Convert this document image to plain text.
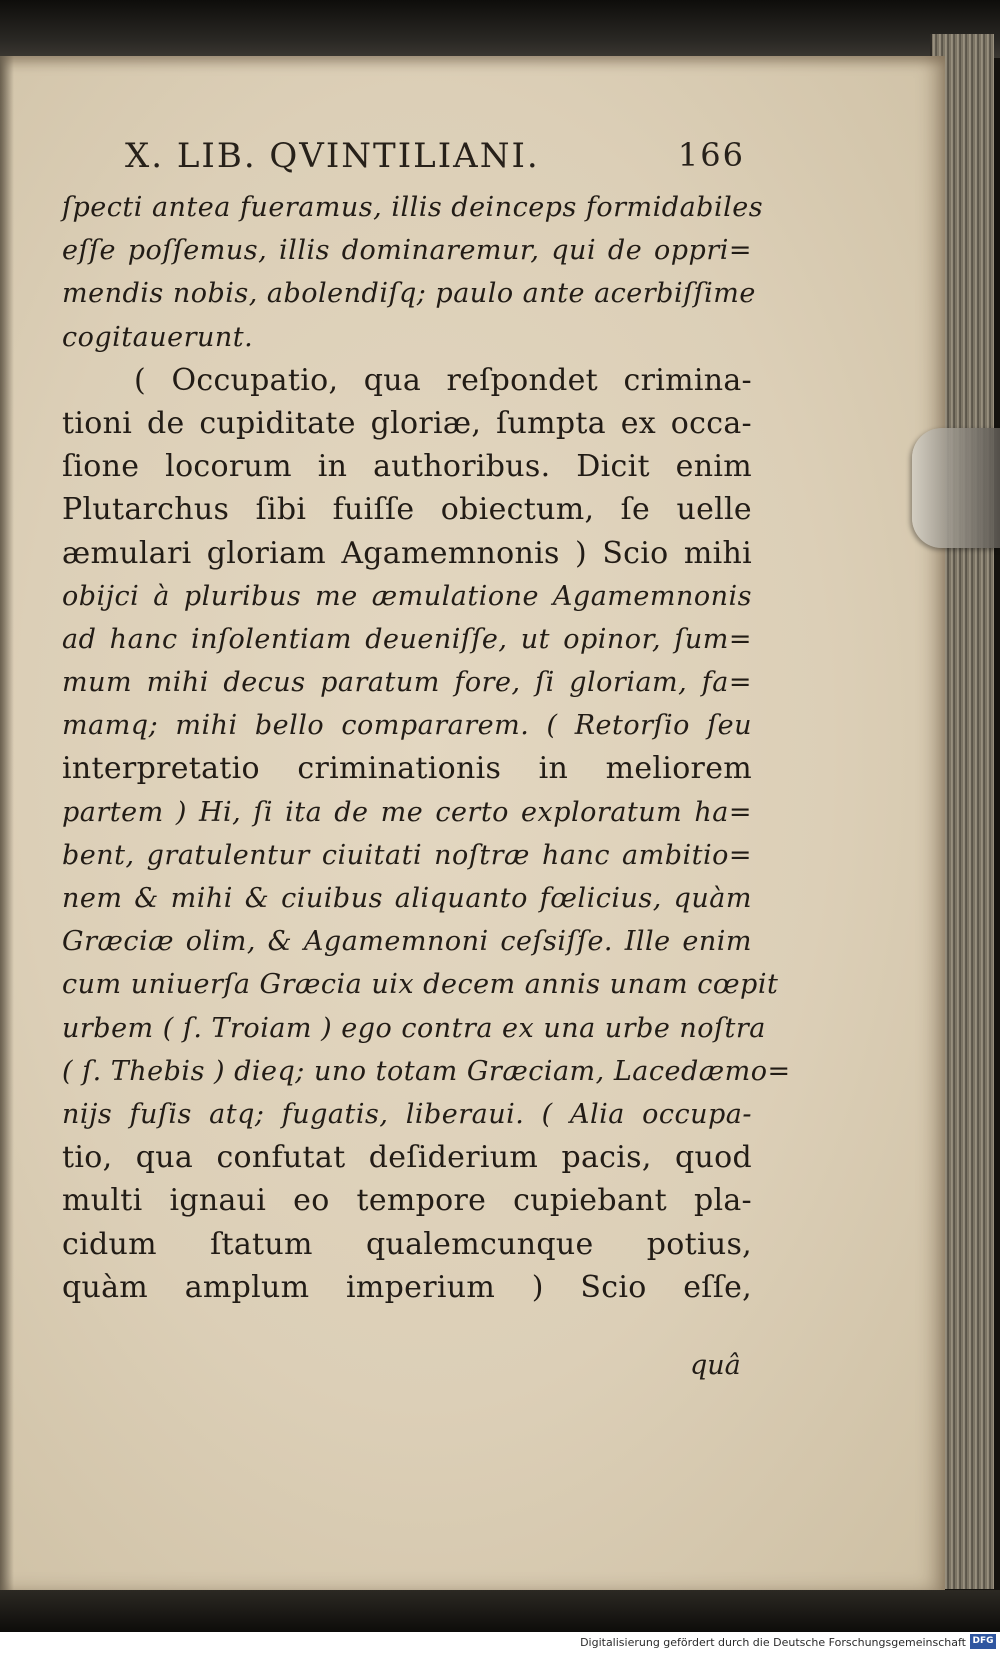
X. LIB. QVINTILIANI.	166
ſpecti antea fueramus, illis deinceps formidabiles
eſſe poſſemus, illis dominaremur, qui de oppri=
mendis nobis, abolendiſq; paulo ante acerbiſſime
cogitauerunt.
( Occupatio, qua reſpondet crimina-
tioni de cupiditate gloriæ, ſumpta ex occa-
ſione locorum in authoribus. Dicit enim
Plutarchus ſibi fuiſſe obiectum, ſe uelle
æmulari gloriam Agamemnonis ) Scio mihi
obijci à pluribus me æmulatione Agamemnonis
ad hanc inſolentiam deueniſſe, ut opinor, ſum=
mum mihi decus paratum fore, ſi gloriam, fa=
mamq; mihi bello compararem. ( Retorſio ſeu
interpretatio criminationis in meliorem
partem ) Hi, ſi ita de me certo exploratum ha=
bent, gratulentur ciuitati noſtræ hanc ambitio=
nem & mihi & ciuibus aliquanto fœlicius, quàm
Græciæ olim, & Agamemnoni ceſsiſſe. Ille enim
cum uniuerſa Græcia uix decem annis unam cœpit
urbem ( ſ. Troiam ) ego contra ex una urbe noſtra
( ſ. Thebis ) dieq; uno totam Græciam, Lacedæmo=
nijs fuſis atq; fugatis, liberaui. ( Alia occupa-
tio, qua confutat deſiderium pacis, quod
multi ignaui eo tempore cupiebant pla-
cidum ſtatum qualemcunque potius,
quàm amplum imperium ) Scio eſſe,
quâ
Digitalisierung gefördert durch die Deutsche Forschungsgemeinschaft DFG
